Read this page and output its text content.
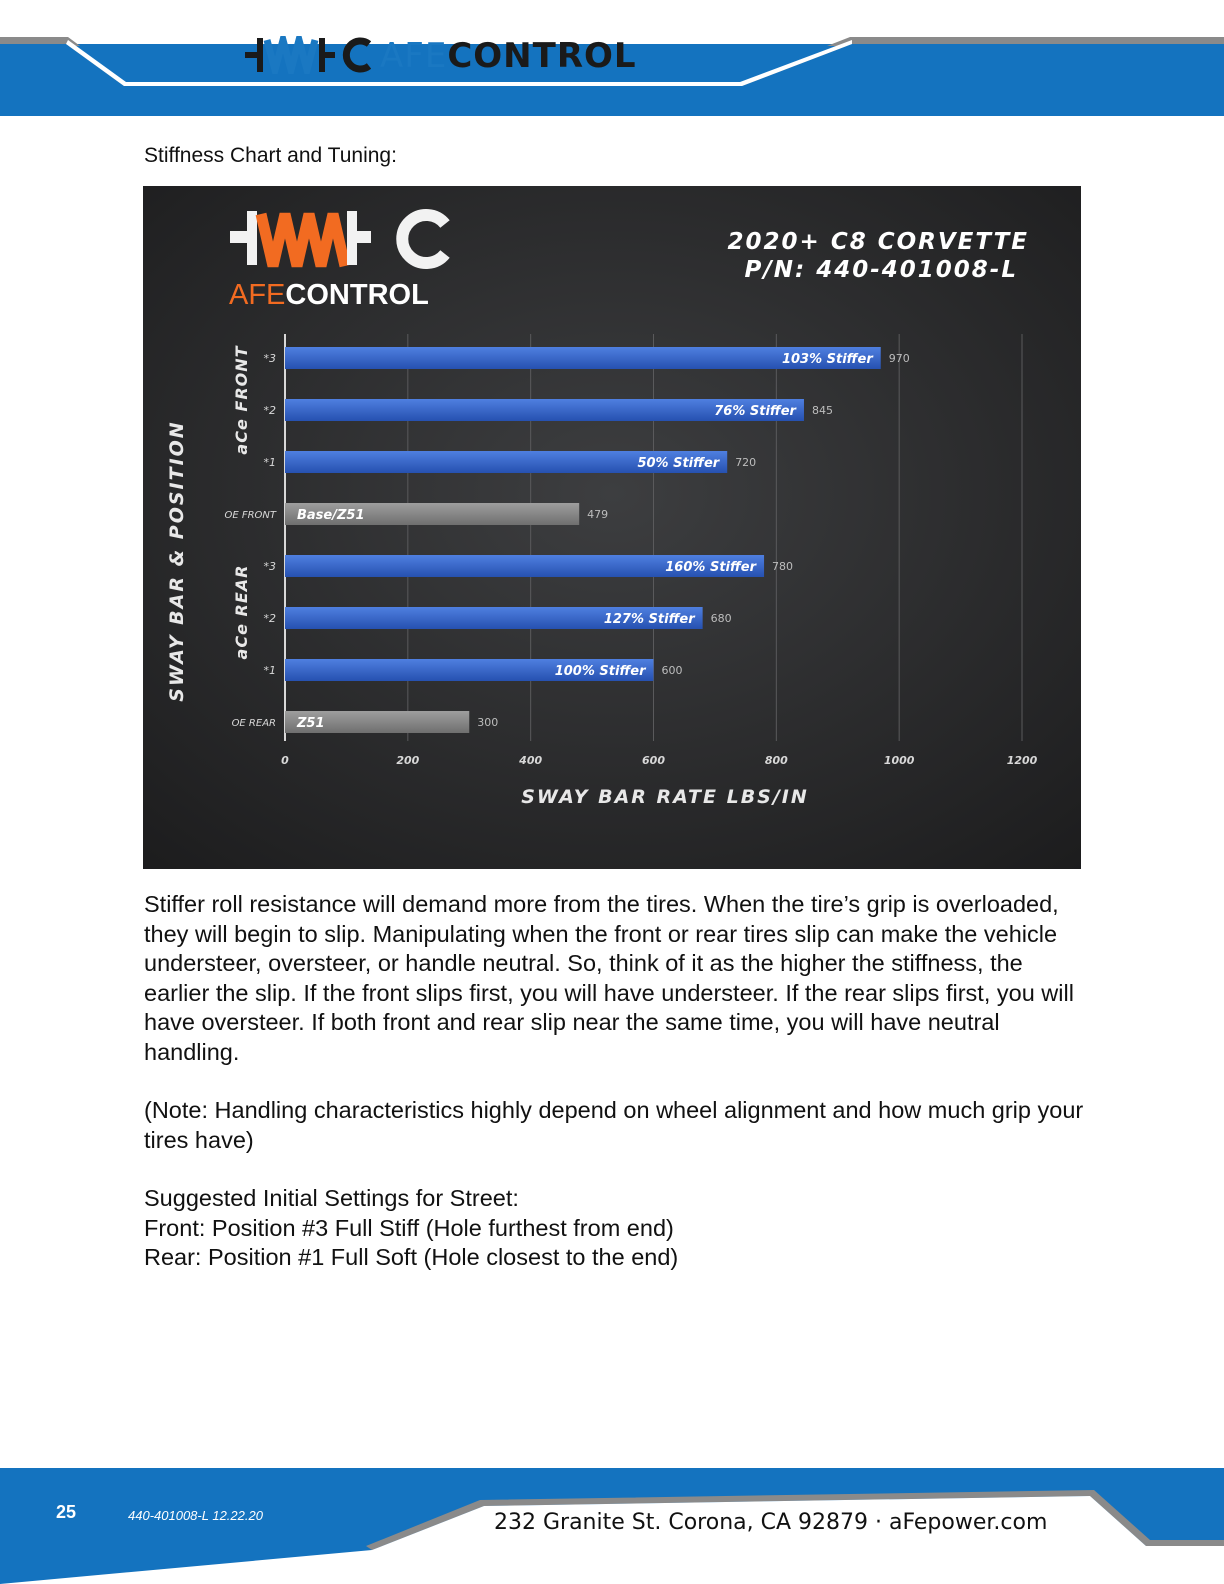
AFECONTROL
Stiffness Chart and Tuning:
AFECONTROL
2020+ C8 CORVETTE
P/N: 440-401008-L
SWAY BAR & POSITION
aCe FRONT
aCe REAR
SWAY BAR RATE LBS/IN
103% Stiffer 970
76% Stiffer 845
50% Stiffer 720
Base/Z51	479
160% Stiffer 780
127% Stiffer 680
100% Stiffer 600
Z51	300
0	200	400	600	800	1000	1200
*3
*2
*1
OE FRONT
*3
*2
*1
OE REAR

Stiffer roll resistance will demand more from the tires. When the tire’s grip is overloaded, they will begin to slip. Manipulating when the front or rear tires slip can make the vehicle understeer, oversteer, or handle neutral. So, think of it as the higher the stiffness, the earlier the slip. If the front slips first, you will have understeer. If the rear slips first, you will have oversteer. If both front and rear slip near the same time, you will have neutral handling.

(Note: Handling characteristics highly depend on wheel alignment and how much grip your tires have)

Suggested Initial Settings for Street:
Front: Position #3 Full Stiff (Hole furthest from end)
Rear: Position #1 Full Soft (Hole closest to the end)
25	440-401008-L 12.22.20	232 Granite St. Corona, CA 92879 · aFepower.com
